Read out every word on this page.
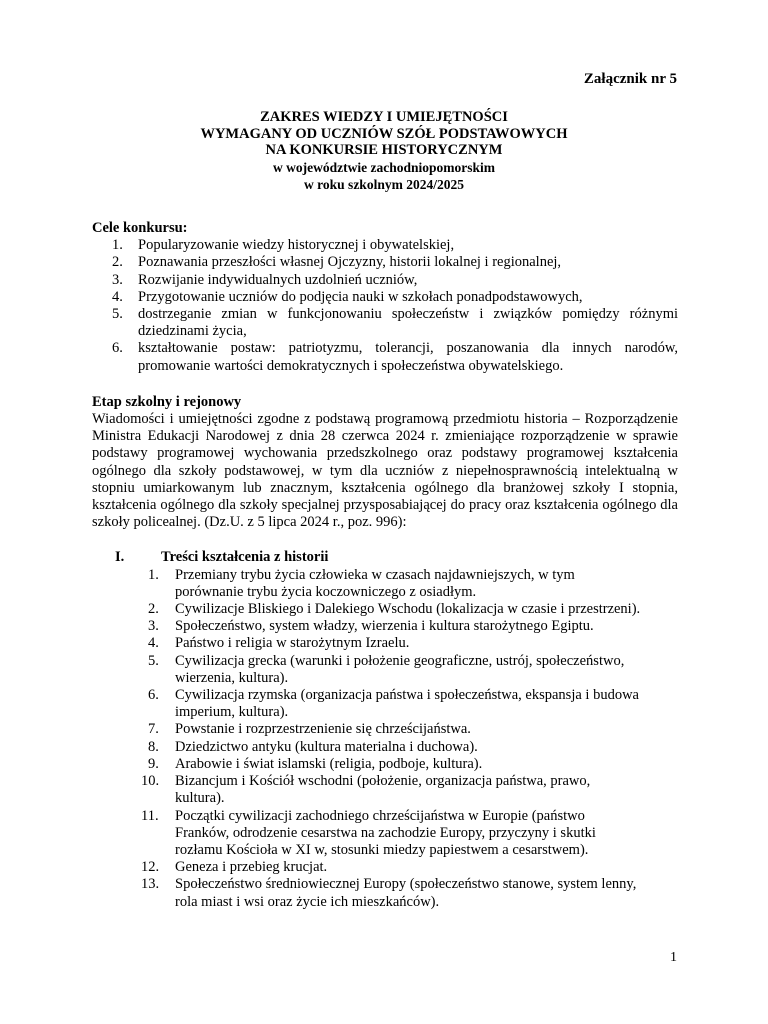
Załącznik nr 5
ZAKRES WIEDZY I UMIEJĘTNOŚCI
WYMAGANY OD UCZNIÓW SZÓŁ PODSTAWOWYCH
NA KONKURSIE HISTORYCZNYM
w województwie zachodniopomorskim
w roku szkolnym 2024/2025
Cele konkursu:
1. Popularyzowanie wiedzy historycznej i obywatelskiej,
2. Poznawania przeszłości własnej Ojczyzny, historii lokalnej i regionalnej,
3. Rozwijanie indywidualnych uzdolnień uczniów,
4. Przygotowanie uczniów do podjęcia nauki w szkołach ponadpodstawowych,
5. dostrzeganie zmian w funkcjonowaniu społeczeństw i związków pomiędzy różnymi dziedzinami życia,
6. kształtowanie postaw: patriotyzmu, tolerancji, poszanowania dla innych narodów, promowanie wartości demokratycznych i społeczeństwa obywatelskiego.
Etap szkolny i rejonowy
Wiadomości i umiejętności zgodne z podstawą programową przedmiotu historia – Rozporządzenie Ministra Edukacji Narodowej z dnia 28 czerwca 2024 r. zmieniające rozporządzenie w sprawie podstawy programowej wychowania przedszkolnego oraz podstawy programowej kształcenia ogólnego dla szkoły podstawowej, w tym dla uczniów z niepełnosprawnością intelektualną w stopniu umiarkowanym lub znacznym, kształcenia ogólnego dla branżowej szkoły I stopnia, kształcenia ogólnego dla szkoły specjalnej przysposabiającej do pracy oraz kształcenia ogólnego dla szkoły policealnej. (Dz.U. z 5 lipca 2024 r., poz. 996):
I.	Treści kształcenia z historii
1. Przemiany trybu życia człowieka w czasach najdawniejszych, w tym
porównanie trybu życia koczowniczego z osiadłym.
2. Cywilizacje Bliskiego i Dalekiego Wschodu (lokalizacja w czasie i przestrzeni).
3. Społeczeństwo, system władzy, wierzenia i kultura starożytnego Egiptu.
4. Państwo i religia w starożytnym Izraelu.
5. Cywilizacja grecka (warunki i położenie geograficzne, ustrój, społeczeństwo,
wierzenia, kultura).
6. Cywilizacja rzymska (organizacja państwa i społeczeństwa, ekspansja i budowa
imperium, kultura).
7. Powstanie i rozprzestrzenienie się chrześcijaństwa.
8. Dziedzictwo antyku (kultura materialna i duchowa).
9. Arabowie i świat islamski (religia, podboje, kultura).
10. Bizancjum i Kościół wschodni (położenie, organizacja państwa, prawo,
kultura).
11. Początki cywilizacji zachodniego chrześcijaństwa w Europie (państwo
Franków, odrodzenie cesarstwa na zachodzie Europy, przyczyny i skutki
rozłamu Kościoła w XI w, stosunki miedzy papiestwem a cesarstwem).
12. Geneza i przebieg krucjat.
13. Społeczeństwo średniowiecznej Europy (społeczeństwo stanowe, system lenny,
rola miast i wsi oraz życie ich mieszkańców).
1
